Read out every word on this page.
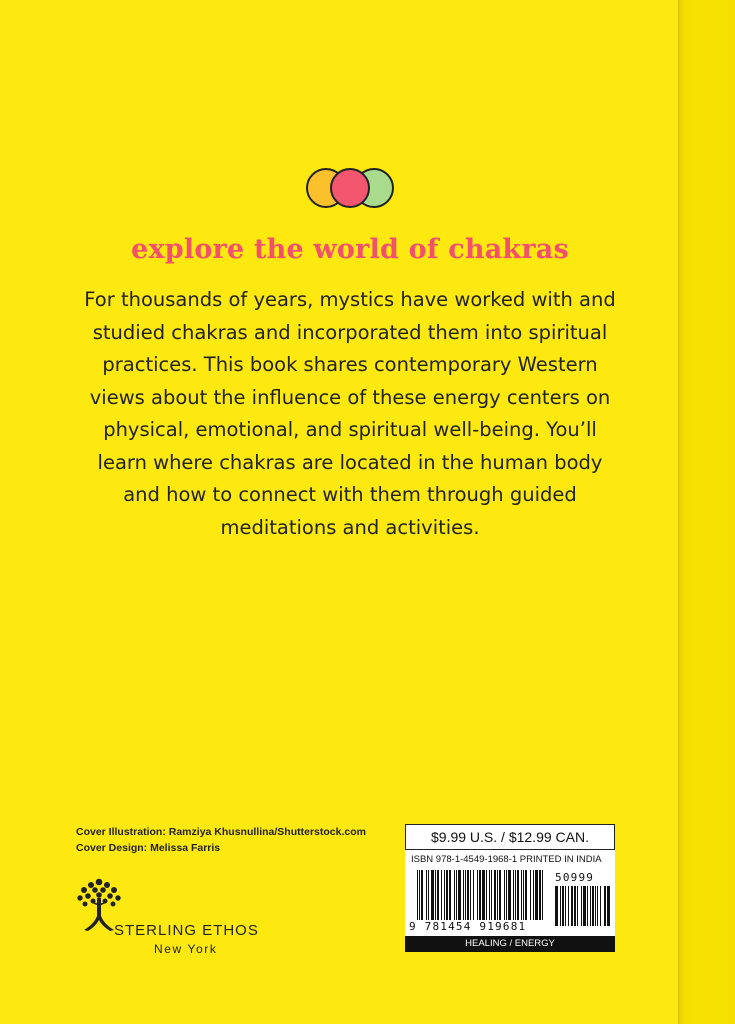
explore the world of chakras
For thousands of years, mystics have worked with and studied chakras and incorporated them into spiritual practices. This book shares contemporary Western views about the influence of these energy centers on physical, emotional, and spiritual well-being. You’ll learn where chakras are located in the human body and how to connect with them through guided meditations and activities.
Cover Illustration: Ramziya Khusnullina/Shutterstock.com
Cover Design: Melissa Farris
STERLING ETHOS
New York
$9.99 U.S. / $12.99 CAN.
ISBN 978-1-4549-1968-1 PRINTED IN INDIA
50999
9 781454 919681
HEALING / ENERGY
